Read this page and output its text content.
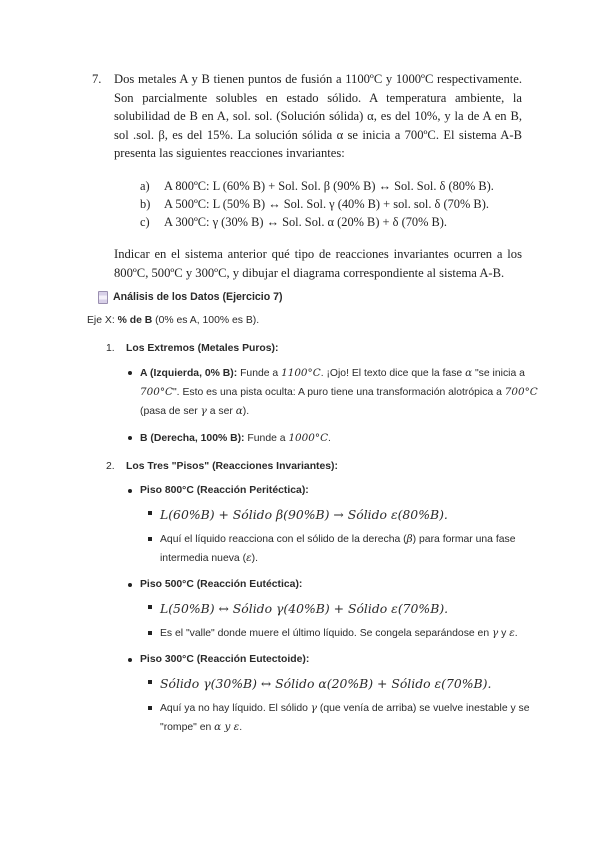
7. Dos metales A y B tienen puntos de fusión a 1100ºC y 1000ºC respectivamente. Son parcialmente solubles en estado sólido. A temperatura ambiente, la solubilidad de B en A, sol. sol. (Solución sólida) α, es del 10%, y la de A en B, sol .sol. β, es del 15%. La solución sólida α se inicia a 700ºC. El sistema A-B presenta las siguientes reacciones invariantes:
a) A 800ºC: L (60% B) + Sol. Sol. β (90% B) ↔ Sol. Sol. δ (80% B).
b) A 500ºC: L (50% B) ↔ Sol. Sol. γ (40% B) + sol. sol. δ (70% B).
c) A 300ºC: γ (30% B) ↔ Sol. Sol. α (20% B) + δ (70% B).
Indicar en el sistema anterior qué tipo de reacciones invariantes ocurren a los 800ºC, 500ºC y 300ºC, y dibujar el diagrama correspondiente al sistema A-B.
Análisis de los Datos (Ejercicio 7)
Eje X: % de B (0% es A, 100% es B).
1.	Los Extremos (Metales Puros):
A (Izquierda, 0% B): Funde a 1100°C. ¡Ojo! El texto dice que la fase α "se inicia a 700°C". Esto es una pista oculta: A puro tiene una transformación alotrópica a 700°C (pasa de ser γ a ser α).
B (Derecha, 100% B): Funde a 1000°C.
2.	Los Tres "Pisos" (Reacciones Invariantes):
Piso 800°C (Reacción Peritéctica):
L(60%B) + Sólido β(90%B) → Sólido ε(80%B).
Aquí el líquido reacciona con el sólido de la derecha (β) para formar una fase intermedia nueva (ε).
Piso 500°C (Reacción Eutéctica):
L(50%B) ↔ Sólido γ(40%B) + Sólido ε(70%B).
Es el "valle" donde muere el último líquido. Se congela separándose en γ y ε.
Piso 300°C (Reacción Eutectoide):
Sólido γ(30%B) ↔ Sólido α(20%B) + Sólido ε(70%B).
Aquí ya no hay líquido. El sólido γ (que venía de arriba) se vuelve inestable y se "rompe" en α y ε.
